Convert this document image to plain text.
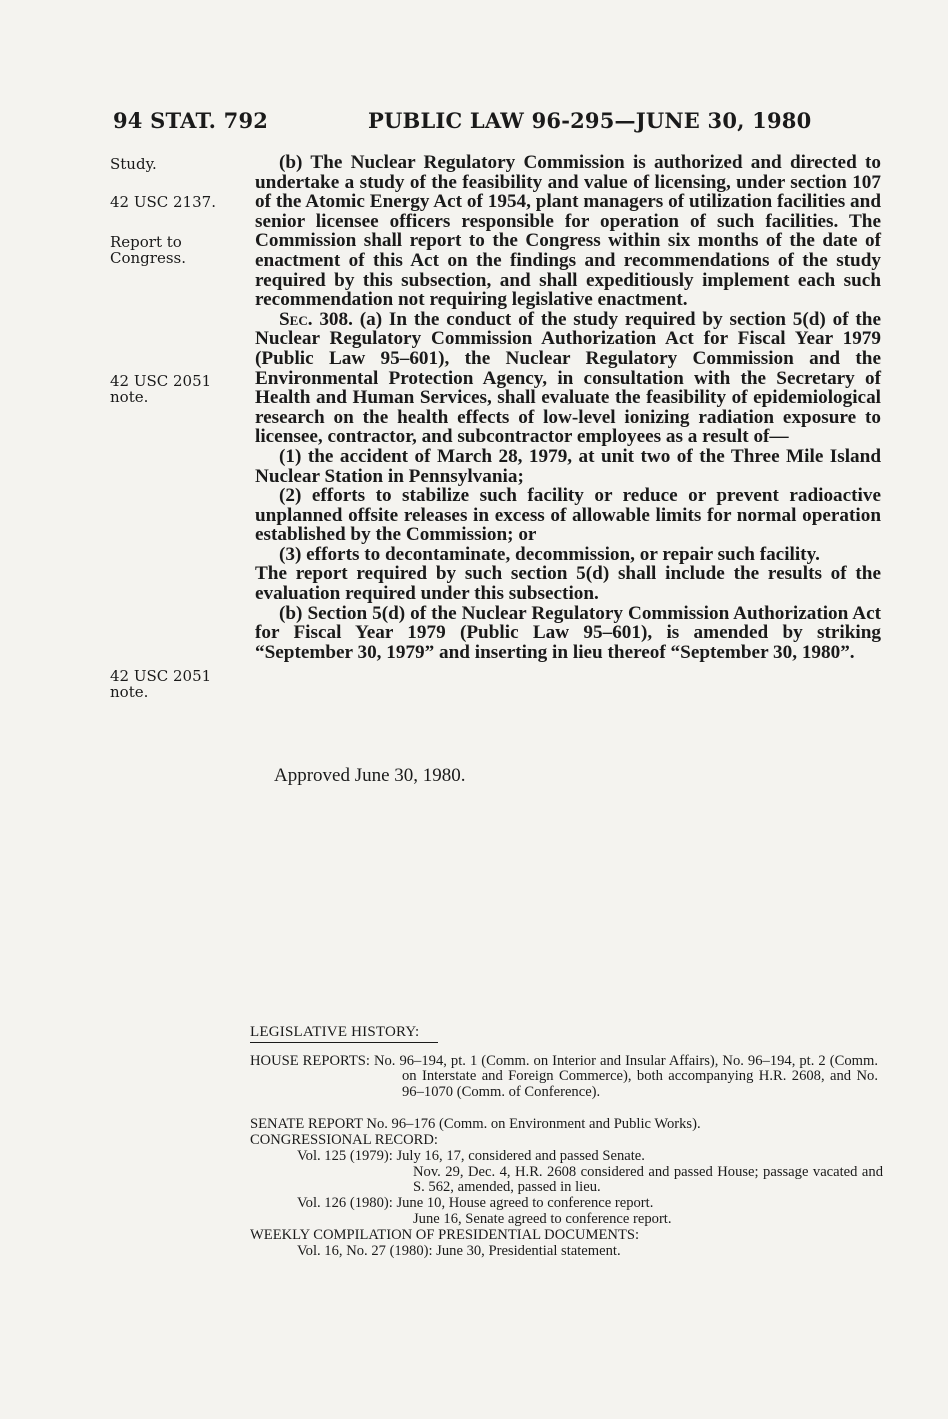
94 STAT. 792	PUBLIC LAW 96-295—JUNE 30, 1980
Study.
42 USC 2137.
Report to
Congress.
42 USC 2051
note.
42 USC 2051
note.

(b) The Nuclear Regulatory Commission is authorized and directed to undertake a study of the feasibility and value of licensing, under section 107 of the Atomic Energy Act of 1954, plant managers of utilization facilities and senior licensee officers responsible for operation of such facilities. The Commission shall report to the Congress within six months of the date of enactment of this Act on the findings and recommendations of the study required by this subsection, and shall expeditiously implement each such recommendation not requiring legislative enactment.

Sec. 308. (a) In the conduct of the study required by section 5(d) of the Nuclear Regulatory Commission Authorization Act for Fiscal Year 1979 (Public Law 95–601), the Nuclear Regulatory Commission and the Environmental Protection Agency, in consultation with the Secretary of Health and Human Services, shall evaluate the feasibility of epidemiological research on the health effects of low-level ionizing radiation exposure to licensee, contractor, and subcontractor employees as a result of—

(1) the accident of March 28, 1979, at unit two of the Three Mile Island Nuclear Station in Pennsylvania;

(2) efforts to stabilize such facility or reduce or prevent radioactive unplanned offsite releases in excess of allowable limits for normal operation established by the Commission; or

(3) efforts to decontaminate, decommission, or repair such facility.

The report required by such section 5(d) shall include the results of the evaluation required under this subsection.

(b) Section 5(d) of the Nuclear Regulatory Commission Authorization Act for Fiscal Year 1979 (Public Law 95–601), is amended by striking “September 30, 1979” and inserting in lieu thereof “September 30, 1980”.

Approved June 30, 1980.
LEGISLATIVE HISTORY:
HOUSE REPORTS: No. 96–194, pt. 1 (Comm. on Interior and Insular Affairs), No. 96–194, pt. 2 (Comm. on Interstate and Foreign Commerce), both accompanying H.R. 2608, and No. 96–1070 (Comm. of Conference).
SENATE REPORT No. 96–176 (Comm. on Environment and Public Works).
CONGRESSIONAL RECORD:
Vol. 125 (1979): July 16, 17, considered and passed Senate.
Nov. 29, Dec. 4, H.R. 2608 considered and passed House; passage vacated and S. 562, amended, passed in lieu.
Vol. 126 (1980): June 10, House agreed to conference report.
June 16, Senate agreed to conference report.
WEEKLY COMPILATION OF PRESIDENTIAL DOCUMENTS:
Vol. 16, No. 27 (1980): June 30, Presidential statement.
